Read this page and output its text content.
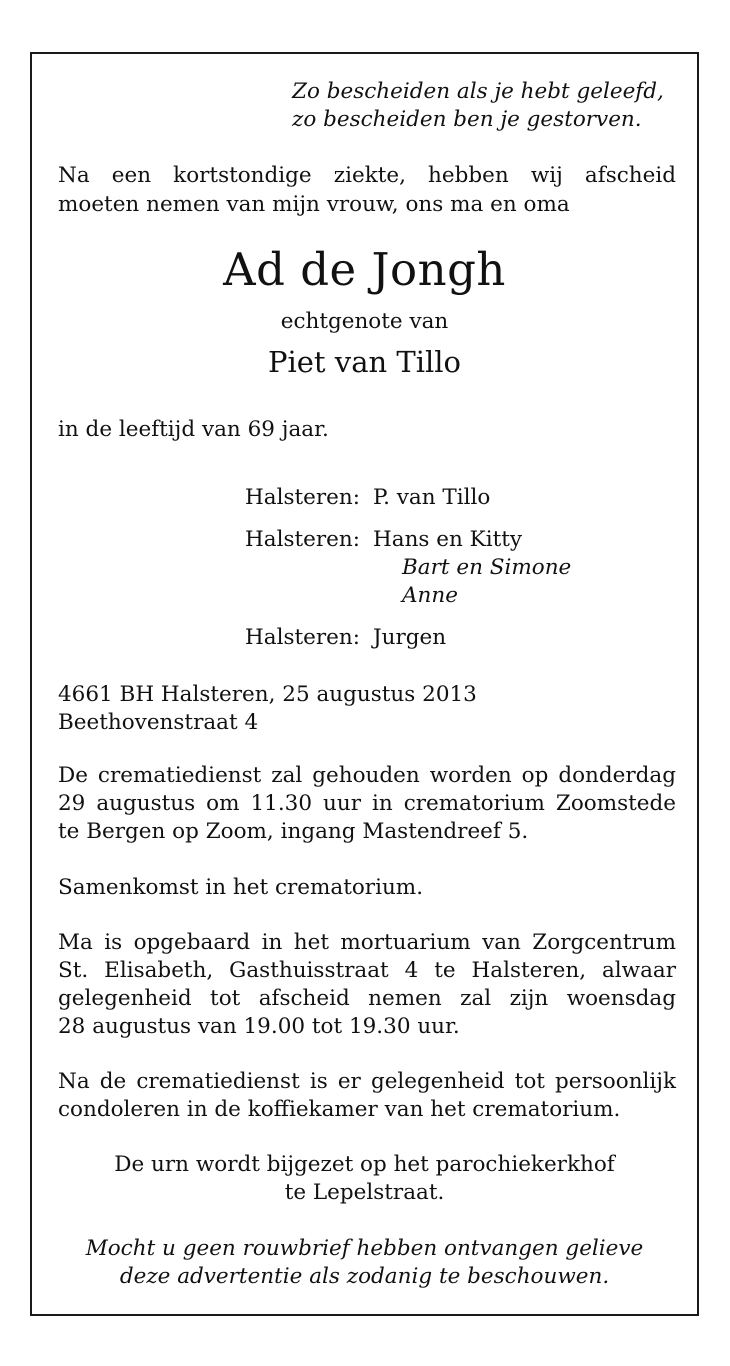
Zo bescheiden als je hebt geleefd,

zo bescheiden ben je gestorven.

Na een kortstondige ziekte, hebben wij afscheid

moeten nemen van mijn vrouw, ons ma en oma

Ad de Jongh

echtgenote van

Piet van Tillo

in de leeftijd van 69 jaar.

Halsteren: P. van Tillo

Halsteren: Hans en Kitty

Bart en Simone

Anne

Halsteren: Jurgen

4661 BH Halsteren, 25 augustus 2013

Beethovenstraat 4

De crematiedienst zal gehouden worden op donderdag

29 augustus om 11.30 uur in crematorium Zoomstede

te Bergen op Zoom, ingang Mastendreef 5.

Samenkomst in het crematorium.

Ma is opgebaard in het mortuarium van Zorgcentrum

St. Elisabeth, Gasthuisstraat 4 te Halsteren, alwaar

gelegenheid tot afscheid nemen zal zijn woensdag

28 augustus van 19.00 tot 19.30 uur.

Na de crematiedienst is er gelegenheid tot persoonlijk

condoleren in de koffiekamer van het crematorium.

De urn wordt bijgezet op het parochiekerkhof

te Lepelstraat.

Mocht u geen rouwbrief hebben ontvangen gelieve

deze advertentie als zodanig te beschouwen.
